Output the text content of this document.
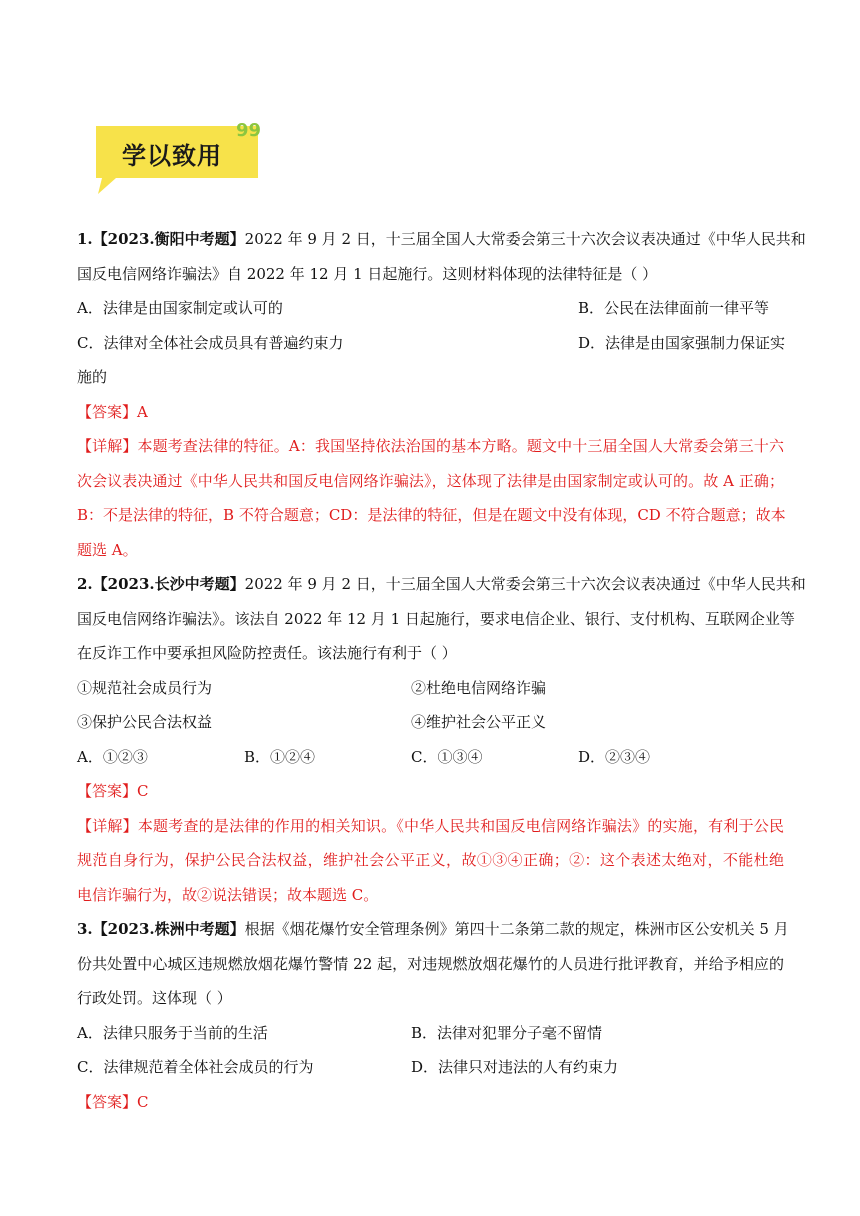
99
学以致用
1.【2023.衡阳中考题】2022 年 9 月 2 日，十三届全国人大常委会第三十六次会议表决通过《中华人民共和
国反电信网络诈骗法》自 2022 年 12 月 1 日起施行。这则材料体现的法律特征是（ ）
A．法律是由国家制定或认可的	B．公民在法律面前一律平等
C．法律对全体社会成员具有普遍约束力	D．法律是由国家强制力保证实
施的
【答案】A
【详解】本题考查法律的特征。A：我国坚持依法治国的基本方略。题文中十三届全国人大常委会第三十六
次会议表决通过《中华人民共和国反电信网络诈骗法》，这体现了法律是由国家制定或认可的。故 A 正确；
B：不是法律的特征，B 不符合题意；CD：是法律的特征，但是在题文中没有体现，CD 不符合题意；故本
题选 A。
2.【2023.长沙中考题】2022 年 9 月 2 日，十三届全国人大常委会第三十六次会议表决通过《中华人民共和
国反电信网络诈骗法》。该法自 2022 年 12 月 1 日起施行，要求电信企业、银行、支付机构、互联网企业等
在反诈工作中要承担风险防控责任。该法施行有利于（ ）
①规范社会成员行为	②杜绝电信网络诈骗
③保护公民合法权益	④维护社会公平正义
A．①②③	B．①②④	C．①③④	D．②③④
【答案】C
【详解】本题考查的是法律的作用的相关知识。《中华人民共和国反电信网络诈骗法》的实施，有利于公民
规范自身行为，保护公民合法权益，维护社会公平正义，故①③④正确；②：这个表述太绝对，不能杜绝
电信诈骗行为，故②说法错误；故本题选 C。
3.【2023.株洲中考题】根据《烟花爆竹安全管理条例》第四十二条第二款的规定，株洲市区公安机关 5 月
份共处置中心城区违规燃放烟花爆竹警情 22 起，对违规燃放烟花爆竹的人员进行批评教育，并给予相应的
行政处罚。这体现（ ）
A．法律只服务于当前的生活	B．法律对犯罪分子毫不留情
C．法律规范着全体社会成员的行为	D．法律只对违法的人有约束力
【答案】C
